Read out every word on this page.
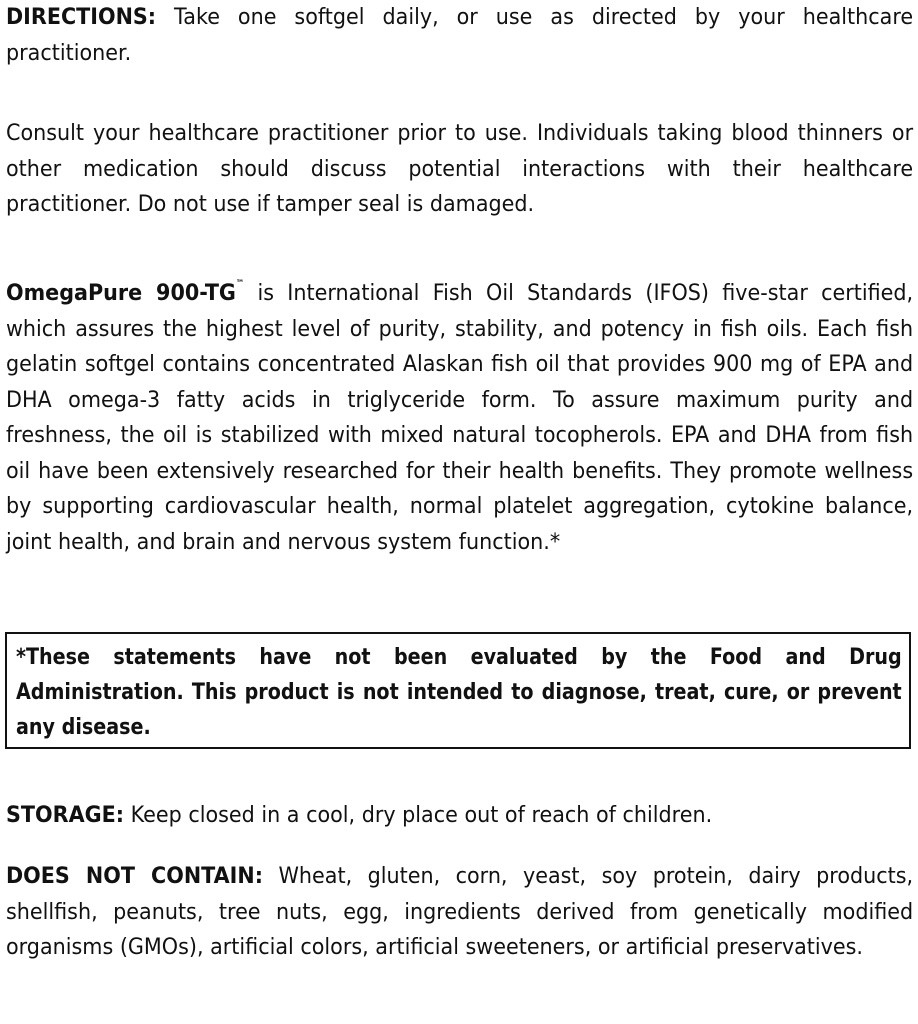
DIRECTIONS: Take one softgel daily, or use as directed by your healthcare practitioner.

Consult your healthcare practitioner prior to use. Individuals taking blood thinners or other medication should discuss potential interactions with their healthcare practitioner. Do not use if tamper seal is damaged.

OmegaPure 900-TG™ is International Fish Oil Standards (IFOS) five-star certified, which assures the highest level of purity, stability, and potency in fish oils. Each fish gelatin softgel contains concentrated Alaskan fish oil that provides 900 mg of EPA and DHA omega-3 fatty acids in triglyceride form. To assure maximum purity and freshness, the oil is stabilized with mixed natural tocopherols. EPA and DHA from fish oil have been extensively researched for their health benefits. They promote wellness by supporting cardiovascular health, normal platelet aggregation, cytokine balance, joint health, and brain and nervous system function.*

*These statements have not been evaluated by the Food and Drug Administration. This product is not intended to diagnose, treat, cure, or prevent any disease.

STORAGE: Keep closed in a cool, dry place out of reach of children.

DOES NOT CONTAIN: Wheat, gluten, corn, yeast, soy protein, dairy products, shellfish, peanuts, tree nuts, egg, ingredients derived from genetically modified organisms (GMOs), artificial colors, artificial sweeteners, or artificial preservatives.
